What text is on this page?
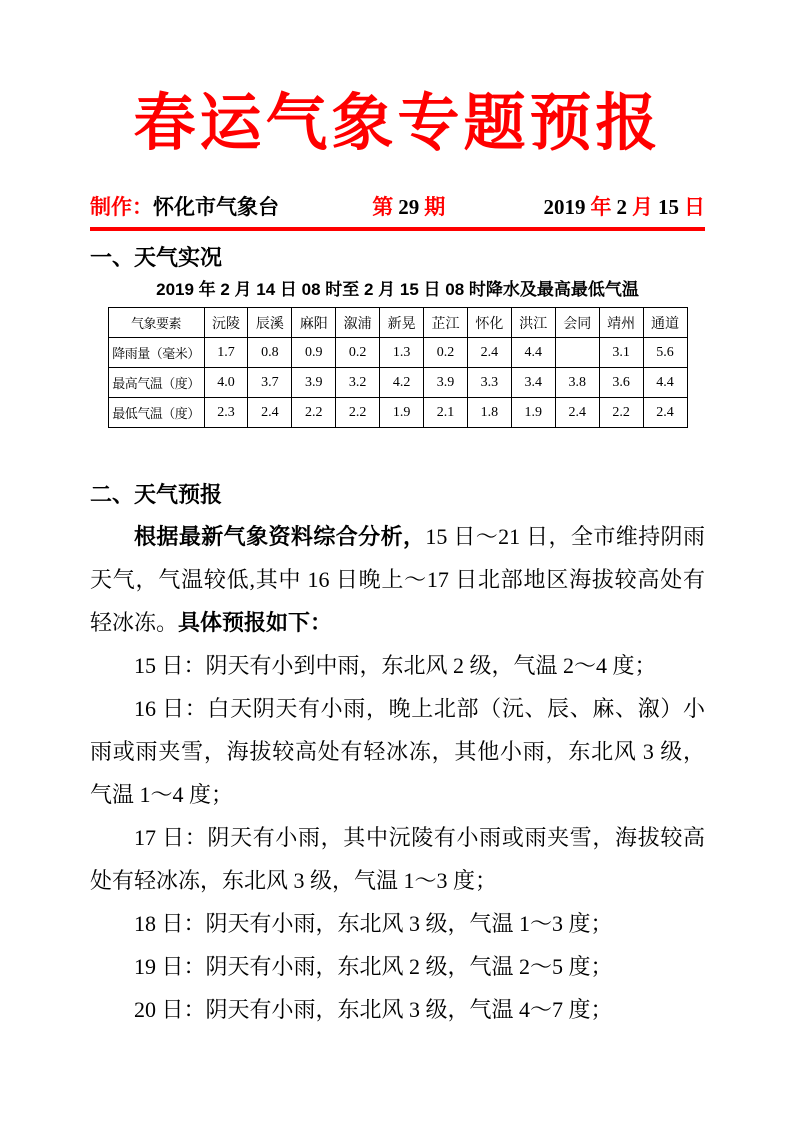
春运气象专题预报
制作：怀化市气象台	第 29 期	2019 年 2 月 15 日
一、天气实况
2019 年 2 月 14 日 08 时至 2 月 15 日 08 时降水及最高最低气温
气象要素	沅陵	辰溪	麻阳	溆浦	新晃	芷江	怀化	洪江	会同	靖州	通道
降雨量（毫米）	1.7	0.8	0.9	0.2	1.3	0.2	2.4	4.4		3.1	5.6
最高气温（度）	4.0	3.7	3.9	3.2	4.2	3.9	3.3	3.4	3.8	3.6	4.4
最低气温（度）	2.3	2.4	2.2	2.2	1.9	2.1	1.8	1.9	2.4	2.2	2.4
二、天气预报

根据最新气象资料综合分析，15 日～21 日，全市维持阴雨天气，气温较低,其中 16 日晚上～17 日北部地区海拔较高处有轻冰冻。具体预报如下：

15 日：阴天有小到中雨，东北风 2 级，气温 2～4 度；

16 日：白天阴天有小雨，晚上北部（沅、辰、麻、溆）小雨或雨夹雪，海拔较高处有轻冰冻，其他小雨，东北风 3 级，气温 1～4 度；

17 日：阴天有小雨，其中沅陵有小雨或雨夹雪，海拔较高处有轻冰冻，东北风 3 级，气温 1～3 度；

18 日：阴天有小雨，东北风 3 级，气温 1～3 度；

19 日：阴天有小雨，东北风 2 级，气温 2～5 度；

20 日：阴天有小雨，东北风 3 级，气温 4～7 度；
